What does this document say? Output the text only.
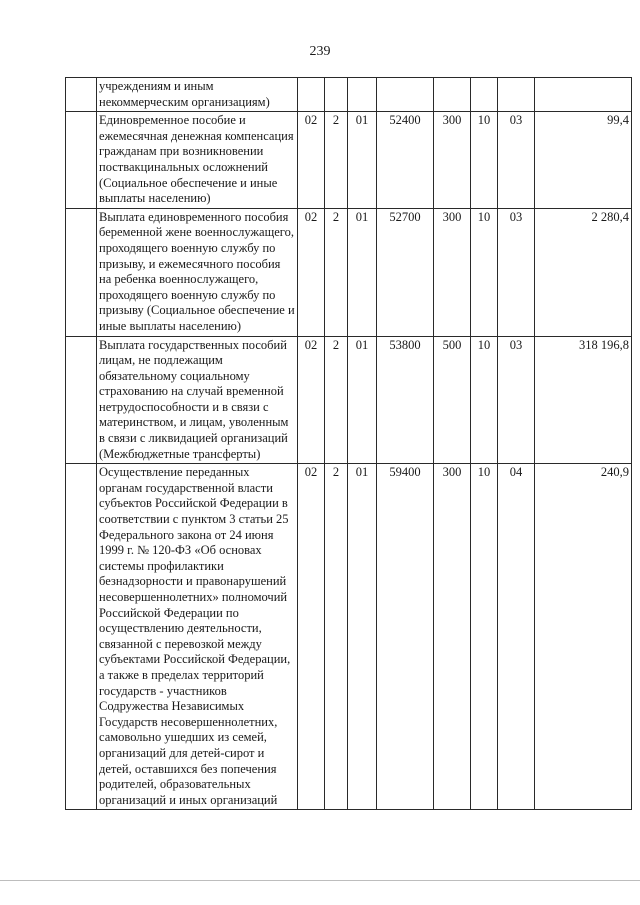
239
	учреждениям и иным некоммерческим организациям)								
	Единовременное пособие и ежемесячная денежная компенсация гражданам при возникновении поствакцинальных осложнений (Социальное обеспечение и иные выплаты населению)	02	2	01	52400	300	10	03	99,4
	Выплата единовременного пособия беременной жене военнослужащего, проходящего военную службу по призыву, и ежемесячного пособия на ребенка военнослужащего, проходящего военную службу по призыву (Социальное обеспечение и иные выплаты населению)	02	2	01	52700	300	10	03	2 280,4
	Выплата государственных пособий лицам, не подлежащим обязательному социальному страхованию на случай временной нетрудоспособности и в связи с материнством, и лицам, уволенным в связи с ликвидацией организаций (Межбюджетные трансферты)	02	2	01	53800	500	10	03	318 196,8
	Осуществление переданных органам государственной власти субъектов Российской Федерации в соответствии с пунктом 3 статьи 25 Федерального закона от 24 июня 1999 г. № 120-ФЗ «Об основах системы профилактики безнадзорности и правонарушений несовершеннолетних» полномочий Российской Федерации по осуществлению деятельности, связанной с перевозкой между субъектами Российской Федерации, а также в пределах территорий государств - участников Содружества Независимых Государств несовершеннолетних, самовольно ушедших из семей, организаций для детей-сирот и детей, оставшихся без попечения родителей, образовательных организаций и иных организаций	02	2	01	59400	300	10	04	240,9
